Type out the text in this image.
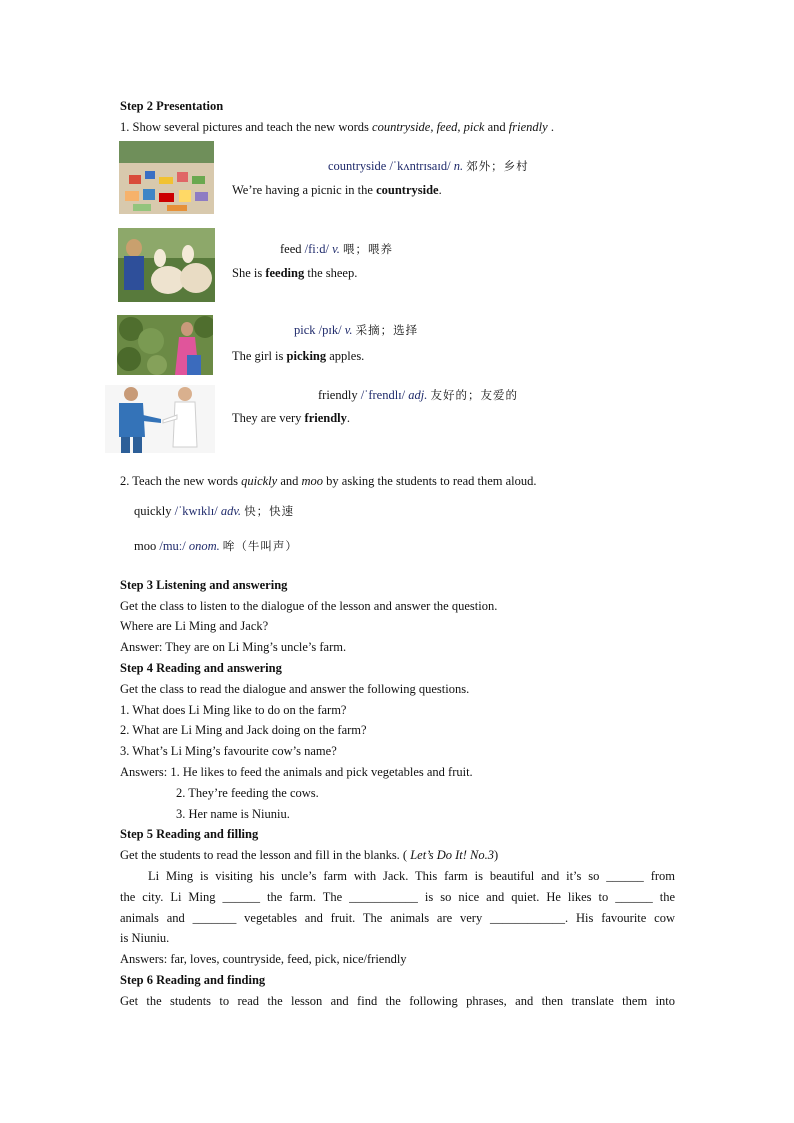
Step 2 Presentation
1. Show several pictures and teach the new words countryside, feed, pick and friendly .
countryside /ˈkʌntrɪsaɪd/ n. 郊外；乡村
We’re having a picnic in the countryside.
feed /fiːd/ v. 喂；喂养
She is feeding the sheep.
pick /pɪk/ v. 采摘；选择
The girl is picking apples.
friendly /ˈfrendlɪ/ adj. 友好的；友爱的
They are very friendly.
2. Teach the new words quickly and moo by asking the students to read them aloud.
quickly /ˈkwɪklɪ/ adv. 快；快速
moo /muː/ onom. 哞（牛叫声）
Step 3 Listening and answering
Get the class to listen to the dialogue of the lesson and answer the question.
Where are Li Ming and Jack?
Answer: They are on Li Ming’s uncle’s farm.
Step 4 Reading and answering
Get the class to read the dialogue and answer the following questions.
1. What does Li Ming like to do on the farm?
2. What are Li Ming and Jack doing on the farm?
3. What’s Li Ming’s favourite cow’s name?
Answers: 1. He likes to feed the animals and pick vegetables and fruit.
2. They’re feeding the cows.
3. Her name is Niuniu.
Step 5 Reading and filling
Get the students to read the lesson and fill in the blanks. ( Let’s Do It! No.3)
Li Ming is visiting his uncle’s farm with Jack. This farm is beautiful and it’s so ______ from
the city. Li Ming ______ the farm. The ___________ is so nice and quiet. He likes to ______ the
animals and _______ vegetables and fruit. The animals are very ____________. His favourite cow
is Niuniu.
Answers: far, loves, countryside, feed, pick, nice/friendly
Step 6 Reading and finding
Get the students to read the lesson and find the following phrases, and then translate them into
